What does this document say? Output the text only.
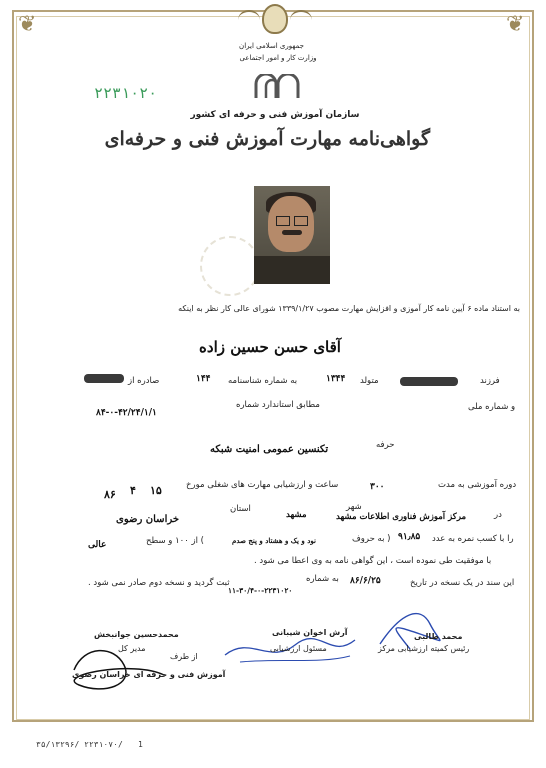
❦	❦
جمهوری اسلامی ایران
وزارت کار و امور اجتماعی
۲۲۳۱۰۲۰
سازمان آموزش فنی و حرفه ای کشور
گواهی‌نامه مهارت آموزش فنی و حرفه‌ای
به استناد ماده ۶ آیین نامه کار آموزی و افزایش مهارت مصوب ۱۳۳۹/۱/۲۷ شورای عالی کار نظر به اینکه
آقای حسن حسین زاده
فرزند
متولد
۱۳۴۴
به شماره شناسنامه
۱۴۴
صادره از
و شماره ملی
مطابق استاندارد شماره
۸۴-۰-۴۲/۲۴/۱/۱
حرفه
تکنسین عمومی امنیت شبکه
دوره آموزشی به مدت
۳۰۰
ساعت و ارزشیابی مهارت های شغلی مورخ
۱۵
۴
۸۶
در
مرکز آموزش فناوری اطلاعات مشهد
شهر
مشهد
استان
خراسان رضوی
را با کسب نمره به عدد
۹۱٫۸۵
( به حروف
نود و یک و هشتاد و پنج صدم
) از ۱۰۰ و سطح
عالی
با موفقیت طی نموده است ، این گواهی نامه به وی اعطا می شود .
این سند در یک نسخه در تاریخ
۸۶/۶/۲۵
به شماره
۱۱-۳۰/۴-۰-۲۲۳۱۰۲۰
ثبت گردید و نسخه دوم صادر نمی شود .
محمد طالبی
رئیس کمیته ارزشیابی مرکز
آرش اخوان شیبانی
مسئول ارزشیابی
محمدحسین جوانبخش
مدیر کل
از طرف
آموزش فنی و حرفه ای خراسان رضوی
۳۵/۱۳۲۹۶/ ۲۲۳۱۰۷۰ / 1
